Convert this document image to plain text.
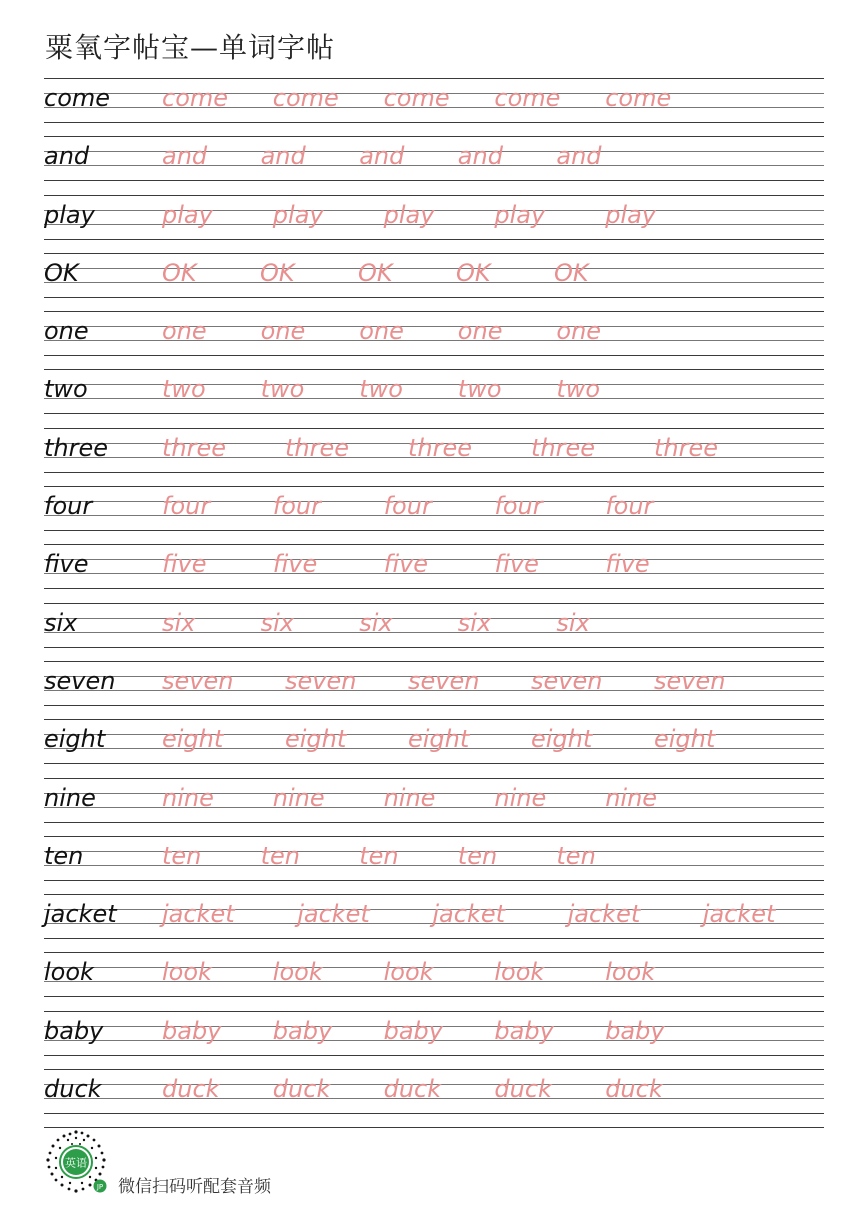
粟氧字帖宝—单词字帖
come come come come come come
and	and and and and and
play	play play play play play
OK	OK	OK	OK	OK	OK
one	one one one one one
two	two two two two two
three three three three three three
four	four	four	four	four	four
five	five	five	five	five	five
six	six	six	six	six	six
seven seven seven seven seven seven
eight eight	eight	eight	eight	eight
nine	nine nine nine nine nine
ten	ten ten ten ten ten
jacket jacket	jacket	jacket	jacket	jacket
look	look	look	look	look	look
baby baby baby baby baby baby
duck	duck duck duck duck duck
英语
JP 微信扫码听配套音频
